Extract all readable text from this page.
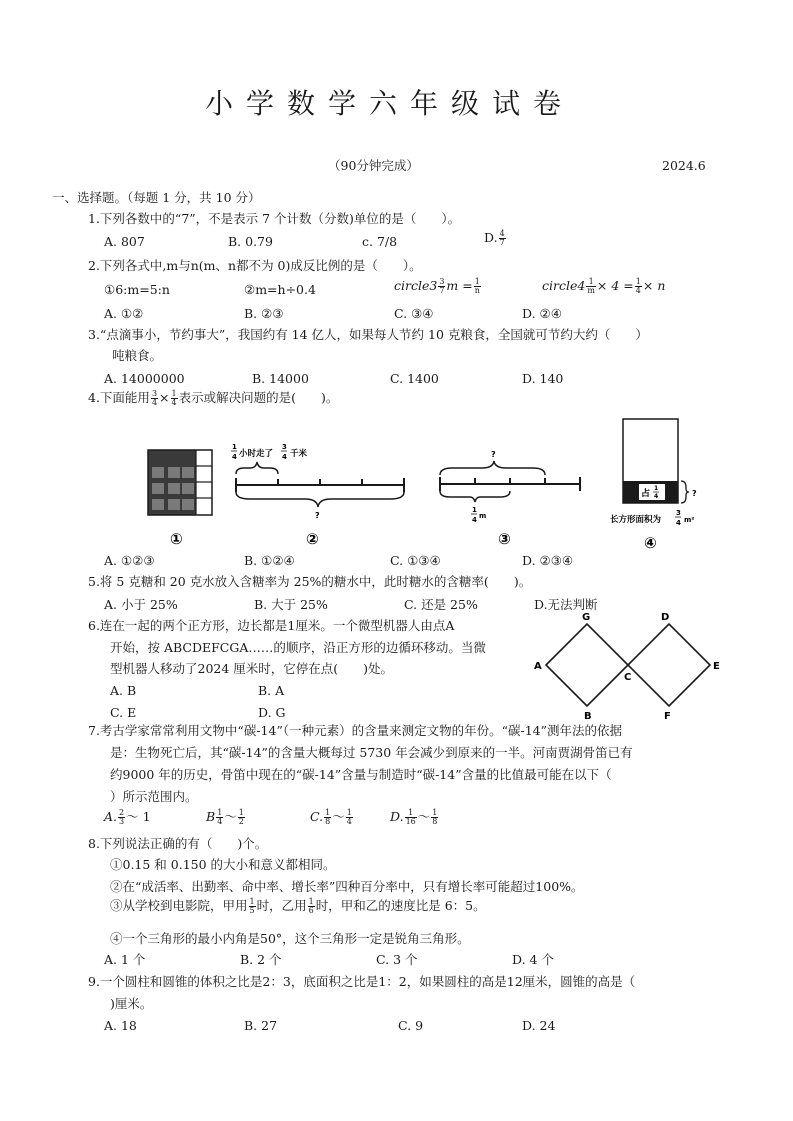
小学数学六年级试卷
（90分钟完成）	2024.6
一、选择题。（每题 1 分，共 10 分）
1.下列各数中的“7”，不是表示 7 个计数（分数)单位的是（　　）。
A. 807	B. 0.79	c. 7/8	D. $\frac{4}{7}$
2.下列各式中,m与n(m、n都不为 0)成反比例的是（　　）。
①6:m=5:n	②m=h÷0.4	circle3 $\frac{3}{7}$ $m = \frac{1}{n}$	circle4 $\frac{1}{m} \times 4 = \frac{1}{4} \times n$
A. ①②	B. ②③	C. ③④	D. ②④
3.“点滴事小，节约事大”，我国约有 14 亿人，如果每人节约 10 克粮食，全国就可节约大约（　　）
吨粮食。
A. 14000000	B. 14000	C. 1400	D. 140
4.下面能用 $\frac{3}{4} \times \frac{1}{4}$ 表示或解决问题的是(　　)。
1
4 小时走了
3
4 千米
?
?
1
4 m
占
1
4	?
长方形面积为
3
4 m²
①	②	③	④
A. ①②③	B. ①②④	C. ①③④	D. ②③④
5.将 5 克糖和 20 克水放入含糖率为 25%的糖水中，此时糖水的含糖率(　　)。
A. 小于 25%	B. 大于 25%	C. 还是 25%	D.无法判断
6.连在一起的两个正方形，边长都是1厘米。一个微型机器人由点A
开始，按 ABCDEFCGA……的顺序，沿正方形的边循环移动。当微
型机器人移动了2024 厘米时，它停在点(　　)处。
A. B	B. A
C. E	D. G
A
B
C
D
E
F
G
7.考古学家常常利用文物中“碳-14”（一种元素）的含量来测定文物的年份。“碳-14”测年法的依据
是：生物死亡后，其“碳-14”的含量大概每过 5730 年会减少到原来的一半。河南贾湖骨笛已有
约9000 年的历史，骨笛中现在的“碳-14”含量与制造时“碳-14”含量的比值最可能在以下（
）所示范围内。
A. $\frac{2}{3}$ ～ 1	B $\frac{1}{4}$ ～ $\frac{1}{2}$	C. $\frac{1}{8}$ ～ $\frac{1}{4}$	D. $\frac{1}{16}$ ～ $\frac{1}{8}$
8.下列说法正确的有（　　)个。
①0.15 和 0.150 的大小和意义都相同。
②在“成活率、出勤率、命中率、增长率”四种百分率中，只有增长率可能超过100%。
③从学校到电影院，甲用 $\frac{1}{5}$ 时，乙用 $\frac{1}{6}$ 时，甲和乙的速度比是 6：5。
④一个三角形的最小内角是50°，这个三角形一定是锐角三角形。
A. 1 个	B. 2 个	C. 3 个	D. 4 个
9.一个圆柱和圆锥的体积之比是2：3，底面积之比是1：2，如果圆柱的高是12厘米，圆锥的高是（
)厘米。
A. 18	B. 27	C. 9	D. 24
